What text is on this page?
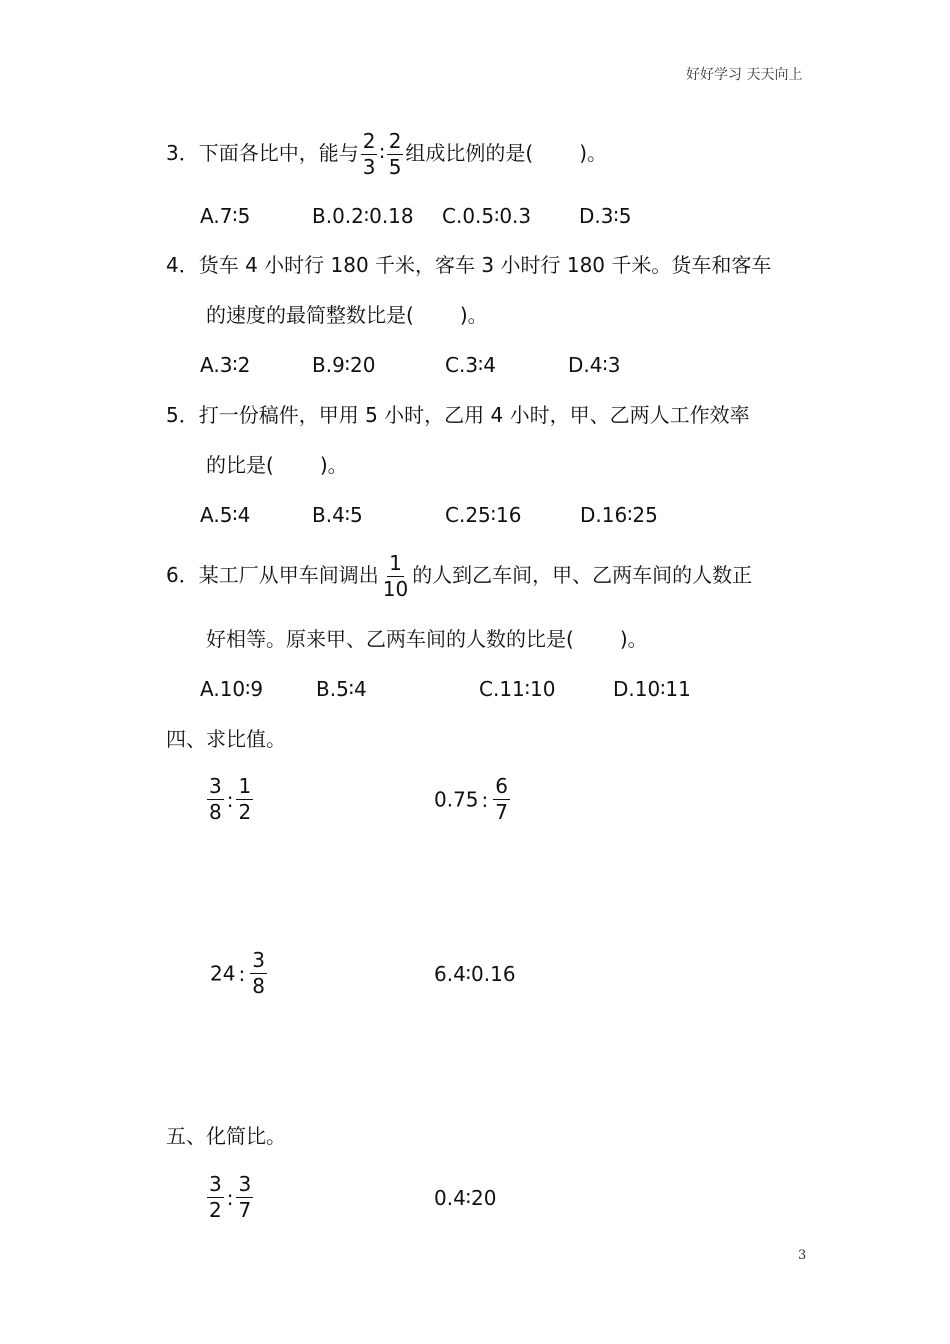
好好学习 天天向上
3．下面各比中，能与 $\frac{2}{3}$ ∶ $\frac{2}{5}$ 组成比例的是( )。
A.7∶5	B.0.2∶0.18	C.0.5∶0.3	D.3∶5
4．货车 4 小时行 180 千米，客车 3 小时行 180 千米。货车和客车
的速度的最简整数比是( )。
A.3∶2	B.9∶20	C.3∶4	D.4∶3
5．打一份稿件，甲用 5 小时，乙用 4 小时，甲、乙两人工作效率
的比是( )。
A.5∶4	B.4∶5	C.25∶16	D.16∶25
6．某工厂从甲车间调出 $\frac{1}{10}$ 的人到乙车间，甲、乙两车间的人数正
好相等。原来甲、乙两车间的人数的比是( )。
A.10∶9	B.5∶4	C.11∶10	D.10∶11
四、求比值。
$\frac{3}{8}$ : $\frac{1}{2}$	0.75 : $\frac{6}{7}$
24 : $\frac{3}{8}$	6.4∶0.16
五、化简比。
$\frac{3}{2}$ : $\frac{3}{7}$	0.4∶20
3
